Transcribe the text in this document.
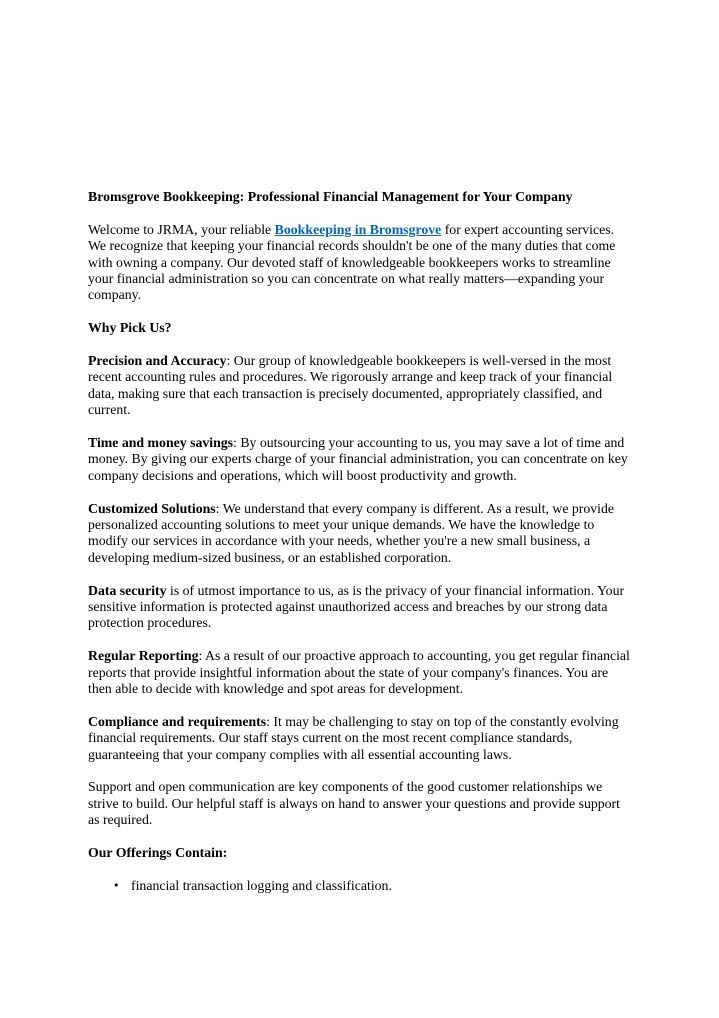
Bromsgrove Bookkeeping: Professional Financial Management for Your Company

Welcome to JRMA, your reliable Bookkeeping in Bromsgrove for expert accounting services. We recognize that keeping your financial records shouldn't be one of the many duties that come with owning a company. Our devoted staff of knowledgeable bookkeepers works to streamline your financial administration so you can concentrate on what really matters—expanding your company.

Why Pick Us?

Precision and Accuracy: Our group of knowledgeable bookkeepers is well-versed in the most recent accounting rules and procedures. We rigorously arrange and keep track of your financial data, making sure that each transaction is precisely documented, appropriately classified, and current.

Time and money savings: By outsourcing your accounting to us, you may save a lot of time and money. By giving our experts charge of your financial administration, you can concentrate on key company decisions and operations, which will boost productivity and growth.

Customized Solutions: We understand that every company is different. As a result, we provide personalized accounting solutions to meet your unique demands. We have the knowledge to modify our services in accordance with your needs, whether you're a new small business, a developing medium-sized business, or an established corporation.

Data security is of utmost importance to us, as is the privacy of your financial information. Your sensitive information is protected against unauthorized access and breaches by our strong data protection procedures.

Regular Reporting: As a result of our proactive approach to accounting, you get regular financial reports that provide insightful information about the state of your company's finances. You are then able to decide with knowledge and spot areas for development.

Compliance and requirements: It may be challenging to stay on top of the constantly evolving financial requirements. Our staff stays current on the most recent compliance standards, guaranteeing that your company complies with all essential accounting laws.

Support and open communication are key components of the good customer relationships we strive to build. Our helpful staff is always on hand to answer your questions and provide support as required.

Our Offerings Contain:
• financial transaction logging and classification.
